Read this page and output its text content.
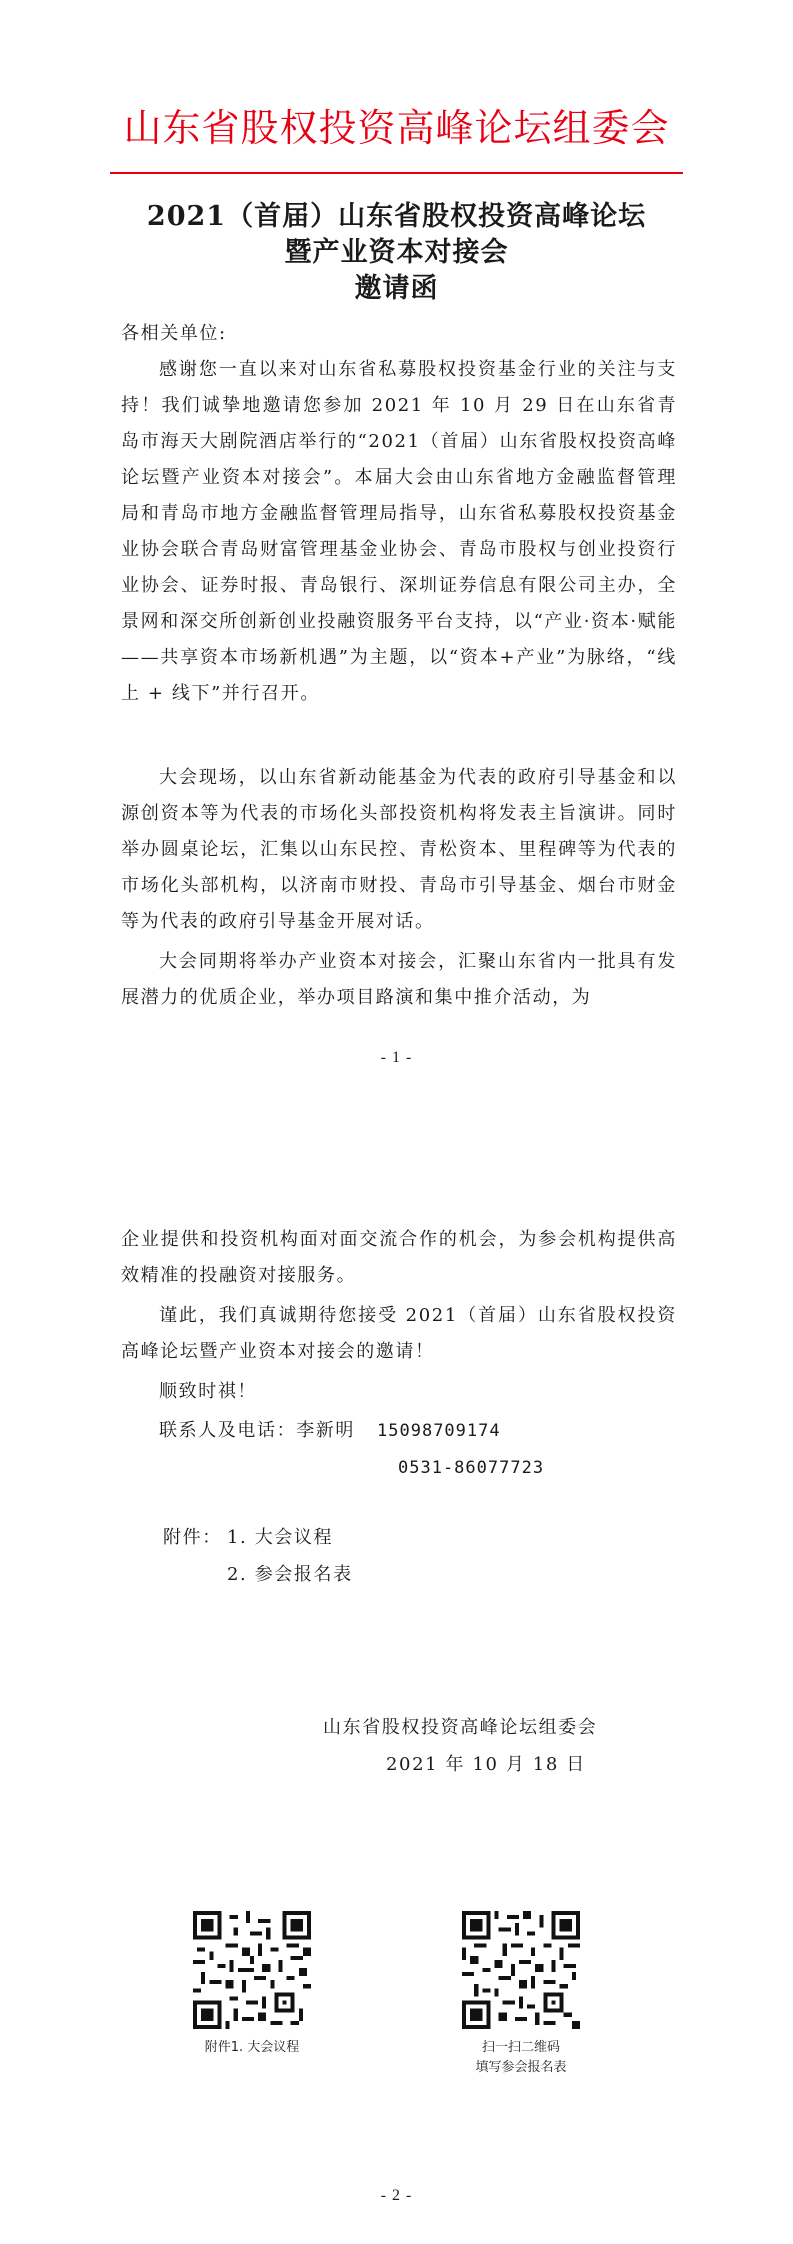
山东省股权投资高峰论坛组委会
2021（首届）山东省股权投资高峰论坛
暨产业资本对接会
邀请函
各相关单位:

感谢您一直以来对山东省私募股权投资基金行业的关注与支持！我们诚挚地邀请您参加 2021 年 10 月 29 日在山东省青岛市海天大剧院酒店举行的“2021（首届）山东省股权投资高峰论坛暨产业资本对接会”。本届大会由山东省地方金融监督管理局和青岛市地方金融监督管理局指导，山东省私募股权投资基金业协会联合青岛财富管理基金业协会、青岛市股权与创业投资行业协会、证券时报、青岛银行、深圳证券信息有限公司主办，全景网和深交所创新创业投融资服务平台支持，以“产业·资本·赋能——共享资本市场新机遇”为主题，以“资本+产业”为脉络，“线上 + 线下”并行召开。

大会现场，以山东省新动能基金为代表的政府引导基金和以源创资本等为代表的市场化头部投资机构将发表主旨演讲。同时举办圆桌论坛，汇集以山东民控、青松资本、里程碑等为代表的市场化头部机构，以济南市财投、青岛市引导基金、烟台市财金等为代表的政府引导基金开展对话。

大会同期将举办产业资本对接会，汇聚山东省内一批具有发展潜力的优质企业，举办项目路演和集中推介活动，为

- 1 -

企业提供和投资机构面对面交流合作的机会，为参会机构提供高效精准的投融资对接服务。

谨此，我们真诚期待您接受 2021（首届）山东省股权投资高峰论坛暨产业资本对接会的邀请！

顺致时祺！
联系人及电话：李新明 15098709174
0531-86077723
附件： 1. 大会议程
2. 参会报名表
山东省股权投资高峰论坛组委会
2021 年 10 月 18 日
附件1. 大会议程	扫一扫二维码
填写参会报名表
- 2 -
